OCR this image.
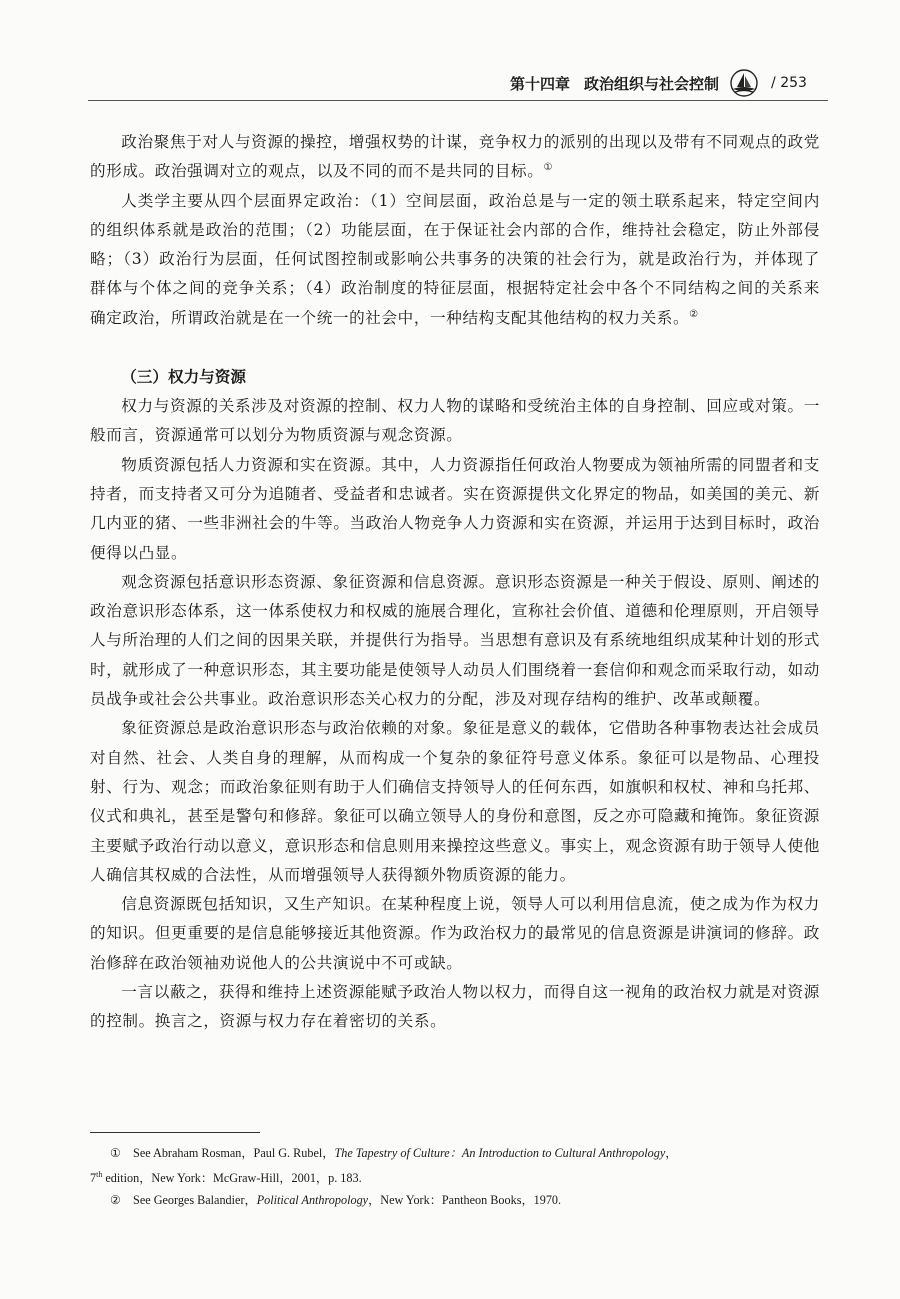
第十四章 政治组织与社会控制	/ 253

政治聚焦于对人与资源的操控，增强权势的计谋，竞争权力的派别的出现以及带有不同观点的政党的形成。政治强调对立的观点，以及不同的而不是共同的目标。①

人类学主要从四个层面界定政治：（1）空间层面，政治总是与一定的领土联系起来，特定空间内的组织体系就是政治的范围；（2）功能层面，在于保证社会内部的合作，维持社会稳定，防止外部侵略；（3）政治行为层面，任何试图控制或影响公共事务的决策的社会行为，就是政治行为，并体现了群体与个体之间的竞争关系；（4）政治制度的特征层面，根据特定社会中各个不同结构之间的关系来确定政治，所谓政治就是在一个统一的社会中，一种结构支配其他结构的权力关系。②

（三）权力与资源

权力与资源的关系涉及对资源的控制、权力人物的谋略和受统治主体的自身控制、回应或对策。一般而言，资源通常可以划分为物质资源与观念资源。

物质资源包括人力资源和实在资源。其中，人力资源指任何政治人物要成为领袖所需的同盟者和支持者，而支持者又可分为追随者、受益者和忠诚者。实在资源提供文化界定的物品，如美国的美元、新几内亚的猪、一些非洲社会的牛等。当政治人物竞争人力资源和实在资源，并运用于达到目标时，政治便得以凸显。

观念资源包括意识形态资源、象征资源和信息资源。意识形态资源是一种关于假设、原则、阐述的政治意识形态体系，这一体系使权力和权威的施展合理化，宣称社会价值、道德和伦理原则，开启领导人与所治理的人们之间的因果关联，并提供行为指导。当思想有意识及有系统地组织成某种计划的形式时，就形成了一种意识形态，其主要功能是使领导人动员人们围绕着一套信仰和观念而采取行动，如动员战争或社会公共事业。政治意识形态关心权力的分配，涉及对现存结构的维护、改革或颠覆。

象征资源总是政治意识形态与政治依赖的对象。象征是意义的载体，它借助各种事物表达社会成员对自然、社会、人类自身的理解，从而构成一个复杂的象征符号意义体系。象征可以是物品、心理投射、行为、观念；而政治象征则有助于人们确信支持领导人的任何东西，如旗帜和权杖、神和乌托邦、仪式和典礼，甚至是警句和修辞。象征可以确立领导人的身份和意图，反之亦可隐藏和掩饰。象征资源主要赋予政治行动以意义，意识形态和信息则用来操控这些意义。事实上，观念资源有助于领导人使他人确信其权威的合法性，从而增强领导人获得额外物质资源的能力。

信息资源既包括知识，又生产知识。在某种程度上说，领导人可以利用信息流，使之成为作为权力的知识。但更重要的是信息能够接近其他资源。作为政治权力的最常见的信息资源是讲演词的修辞。政治修辞在政治领袖劝说他人的公共演说中不可或缺。

一言以蔽之，获得和维持上述资源能赋予政治人物以权力，而得自这一视角的政治权力就是对资源的控制。换言之，资源与权力存在着密切的关系。

① See Abraham Rosman，Paul G. Rubel，The Tapestry of Culture：An Introduction to Cultural Anthropology，
7th edition，New York：McGraw-Hill，2001，p. 183.

② See Georges Balandier，Political Anthropology，New York：Pantheon Books，1970.
